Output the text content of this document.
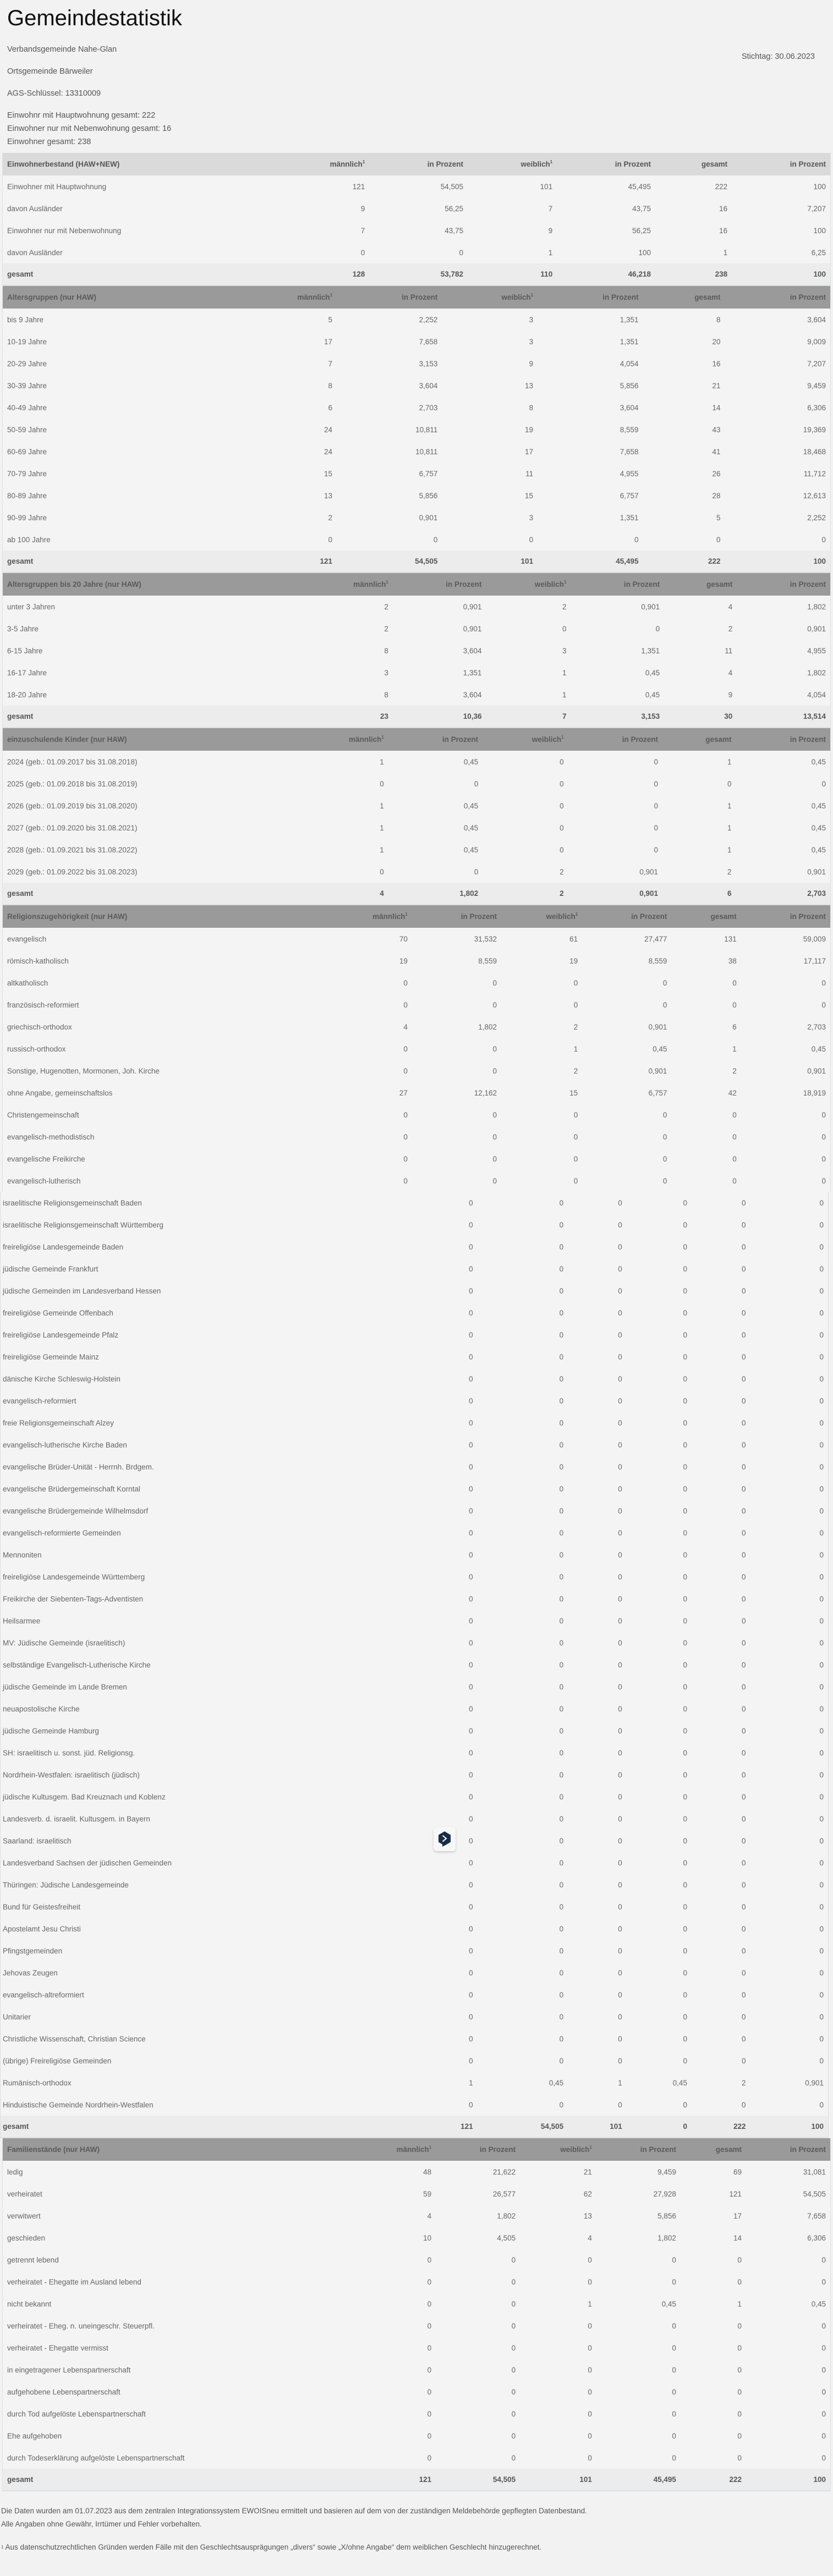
Gemeindestatistik

Verbandsgemeinde Nahe-Glan

Ortsgemeinde Bärweiler

AGS-Schlüssel: 13310009

Einwohnr mit Hauptwohnung gesamt: 222

Einwohner nur mit Nebenwohnung gesamt: 16

Einwohner gesamt: 238

Stichtag: 30.06.2023
Einwohnerbestand (HAW+NEW)	männlich$^1$	in Prozent	weiblich$^1$	in Prozent	gesamt	in Prozent
Einwohner mit Hauptwohnung	121	54,505	101	45,495	222	100
davon Ausländer	9	56,25	7	43,75	16	7,207
Einwohner nur mit Nebenwohnung	7	43,75	9	56,25	16	100
davon Ausländer	0	0	1	100	1	6,25
gesamt	128	53,782	110	46,218	238	100
Altersgruppen (nur HAW)	männlich$^1$	in Prozent	weiblich$^1$	in Prozent	gesamt	in Prozent
bis 9 Jahre	5	2,252	3	1,351	8	3,604
10-19 Jahre	17	7,658	3	1,351	20	9,009
20-29 Jahre	7	3,153	9	4,054	16	7,207
30-39 Jahre	8	3,604	13	5,856	21	9,459
40-49 Jahre	6	2,703	8	3,604	14	6,306
50-59 Jahre	24	10,811	19	8,559	43	19,369
60-69 Jahre	24	10,811	17	7,658	41	18,468
70-79 Jahre	15	6,757	11	4,955	26	11,712
80-89 Jahre	13	5,856	15	6,757	28	12,613
90-99 Jahre	2	0,901	3	1,351	5	2,252
ab 100 Jahre	0	0	0	0	0	0
gesamt	121	54,505	101	45,495	222	100
Altersgruppen bis 20 Jahre (nur HAW)	männlich$^1$	in Prozent	weiblich$^1$	in Prozent	gesamt	in Prozent
unter 3 Jahren	2	0,901	2	0,901	4	1,802
3-5 Jahre	2	0,901	0	0	2	0,901
6-15 Jahre	8	3,604	3	1,351	11	4,955
16-17 Jahre	3	1,351	1	0,45	4	1,802
18-20 Jahre	8	3,604	1	0,45	9	4,054
gesamt	23	10,36	7	3,153	30	13,514
einzuschulende Kinder (nur HAW)	männlich$^1$	in Prozent	weiblich$^1$	in Prozent	gesamt	in Prozent
2024 (geb.: 01.09.2017 bis 31.08.2018)	1	0,45	0	0	1	0,45
2025 (geb.: 01.09.2018 bis 31.08.2019)	0	0	0	0	0	0
2026 (geb.: 01.09.2019 bis 31.08.2020)	1	0,45	0	0	1	0,45
2027 (geb.: 01.09.2020 bis 31.08.2021)	1	0,45	0	0	1	0,45
2028 (geb.: 01.09.2021 bis 31.08.2022)	1	0,45	0	0	1	0,45
2029 (geb.: 01.09.2022 bis 31.08.2023)	0	0	2	0,901	2	0,901
gesamt	4	1,802	2	0,901	6	2,703
Religionszugehörigkeit (nur HAW)	männlich$^1$	in Prozent	weiblich$^1$	in Prozent	gesamt	in Prozent
evangelisch	70	31,532	61	27,477	131	59,009
römisch-katholisch	19	8,559	19	8,559	38	17,117
altkatholisch	0	0	0	0	0	0
französisch-reformiert	0	0	0	0	0	0
griechisch-orthodox	4	1,802	2	0,901	6	2,703
russisch-orthodox	0	0	1	0,45	1	0,45
Sonstige, Hugenotten, Mormonen, Joh. Kirche	0	0	2	0,901	2	0,901
ohne Angabe, gemeinschaftslos	27	12,162	15	6,757	42	18,919
Christengemeinschaft	0	0	0	0	0	0
evangelisch-methodistisch	0	0	0	0	0	0
evangelische Freikirche	0	0	0	0	0	0
evangelisch-lutherisch	0	0	0	0	0	0
israelitische Religionsgemeinschaft Baden	0	0	0	0	0	0
israelitische Religionsgemeinschaft Württemberg	0	0	0	0	0	0
freireligiöse Landesgemeinde Baden	0	0	0	0	0	0
jüdische Gemeinde Frankfurt	0	0	0	0	0	0
jüdische Gemeinden im Landesverband Hessen	0	0	0	0	0	0
freireligiöse Gemeinde Offenbach	0	0	0	0	0	0
freireligiöse Landesgemeinde Pfalz	0	0	0	0	0	0
freireligiöse Gemeinde Mainz	0	0	0	0	0	0
dänische Kirche Schleswig-Holstein	0	0	0	0	0	0
evangelisch-reformiert	0	0	0	0	0	0
freie Religionsgemeinschaft Alzey	0	0	0	0	0	0
evangelisch-lutherische Kirche Baden	0	0	0	0	0	0
evangelische Brüder-Unität - Herrnh. Brdgem.	0	0	0	0	0	0
evangelische Brüdergemeinschaft Korntal	0	0	0	0	0	0
evangelische Brüdergemeinde Wilhelmsdorf	0	0	0	0	0	0
evangelisch-reformierte Gemeinden	0	0	0	0	0	0
Mennoniten	0	0	0	0	0	0
freireligiöse Landesgemeinde Württemberg	0	0	0	0	0	0
Freikirche der Siebenten-Tags-Adventisten	0	0	0	0	0	0
Heilsarmee	0	0	0	0	0	0
MV: Jüdische Gemeinde (israelitisch)	0	0	0	0	0	0
selbständige Evangelisch-Lutherische Kirche	0	0	0	0	0	0
jüdische Gemeinde im Lande Bremen	0	0	0	0	0	0
neuapostolische Kirche	0	0	0	0	0	0
jüdische Gemeinde Hamburg	0	0	0	0	0	0
SH: israelitisch u. sonst. jüd. Religionsg.	0	0	0	0	0	0
Nordrhein-Westfalen: israelitisch (jüdisch)	0	0	0	0	0	0
jüdische Kultusgem. Bad Kreuznach und Koblenz	0	0	0	0	0	0
Landesverb. d. israelit. Kultusgem. in Bayern	0	0	0	0	0	0
Saarland: israelitisch	0	0	0	0	0	0
Landesverband Sachsen der jüdischen Gemeinden	0	0	0	0	0	0
Thüringen: Jüdische Landesgemeinde	0	0	0	0	0	0
Bund für Geistesfreiheit	0	0	0	0	0	0
Apostelamt Jesu Christi	0	0	0	0	0	0
Pfingstgemeinden	0	0	0	0	0	0
Jehovas Zeugen	0	0	0	0	0	0
evangelisch-altreformiert	0	0	0	0	0	0
Unitarier	0	0	0	0	0	0
Christliche Wissenschaft, Christian Science	0	0	0	0	0	0
(übrige) Freireligiöse Gemeinden	0	0	0	0	0	0
Rumänisch-orthodox	1	0,45	1	0,45	2	0,901
Hinduistische Gemeinde Nordrhein-Westfalen	0	0	0	0	0	0
gesamt	121	54,505	101	0	222	100
Familienstände (nur HAW)	männlich$^1$	in Prozent	weiblich$^1$	in Prozent	gesamt	in Prozent
ledig	48	21,622	21	9,459	69	31,081
verheiratet	59	26,577	62	27,928	121	54,505
verwitwert	4	1,802	13	5,856	17	7,658
geschieden	10	4,505	4	1,802	14	6,306
getrennt lebend	0	0	0	0	0	0
verheiratet - Ehegatte im Ausland lebend	0	0	0	0	0	0
nicht bekannt	0	0	1	0,45	1	0,45
verheiratet - Eheg. n. uneingeschr. Steuerpfl.	0	0	0	0	0	0
verheiratet - Ehegatte vermisst	0	0	0	0	0	0
in eingetragener Lebenspartnerschaft	0	0	0	0	0	0
aufgehobene Lebenspartnerschaft	0	0	0	0	0	0
durch Tod aufgelöste Lebenspartnerschaft	0	0	0	0	0	0
Ehe aufgehoben	0	0	0	0	0	0
durch Todeserklärung aufgelöste Lebenspartnerschaft	0	0	0	0	0	0
gesamt	121	54,505	101	45,495	222	100

Die Daten wurden am 01.07.2023 aus dem zentralen Integrationssystem EWOISneu ermittelt und basieren auf dem von der zuständigen Meldebehörde gepflegten Datenbestand.

Alle Angaben ohne Gewähr, Irrtümer und Fehler vorbehalten.

$^1$ Aus datenschutzrechtlichen Gründen werden Fälle mit den Geschlechtsausprägungen „divers“ sowie „X/ohne Angabe“ dem weiblichen Geschlecht hinzugerechnet.
